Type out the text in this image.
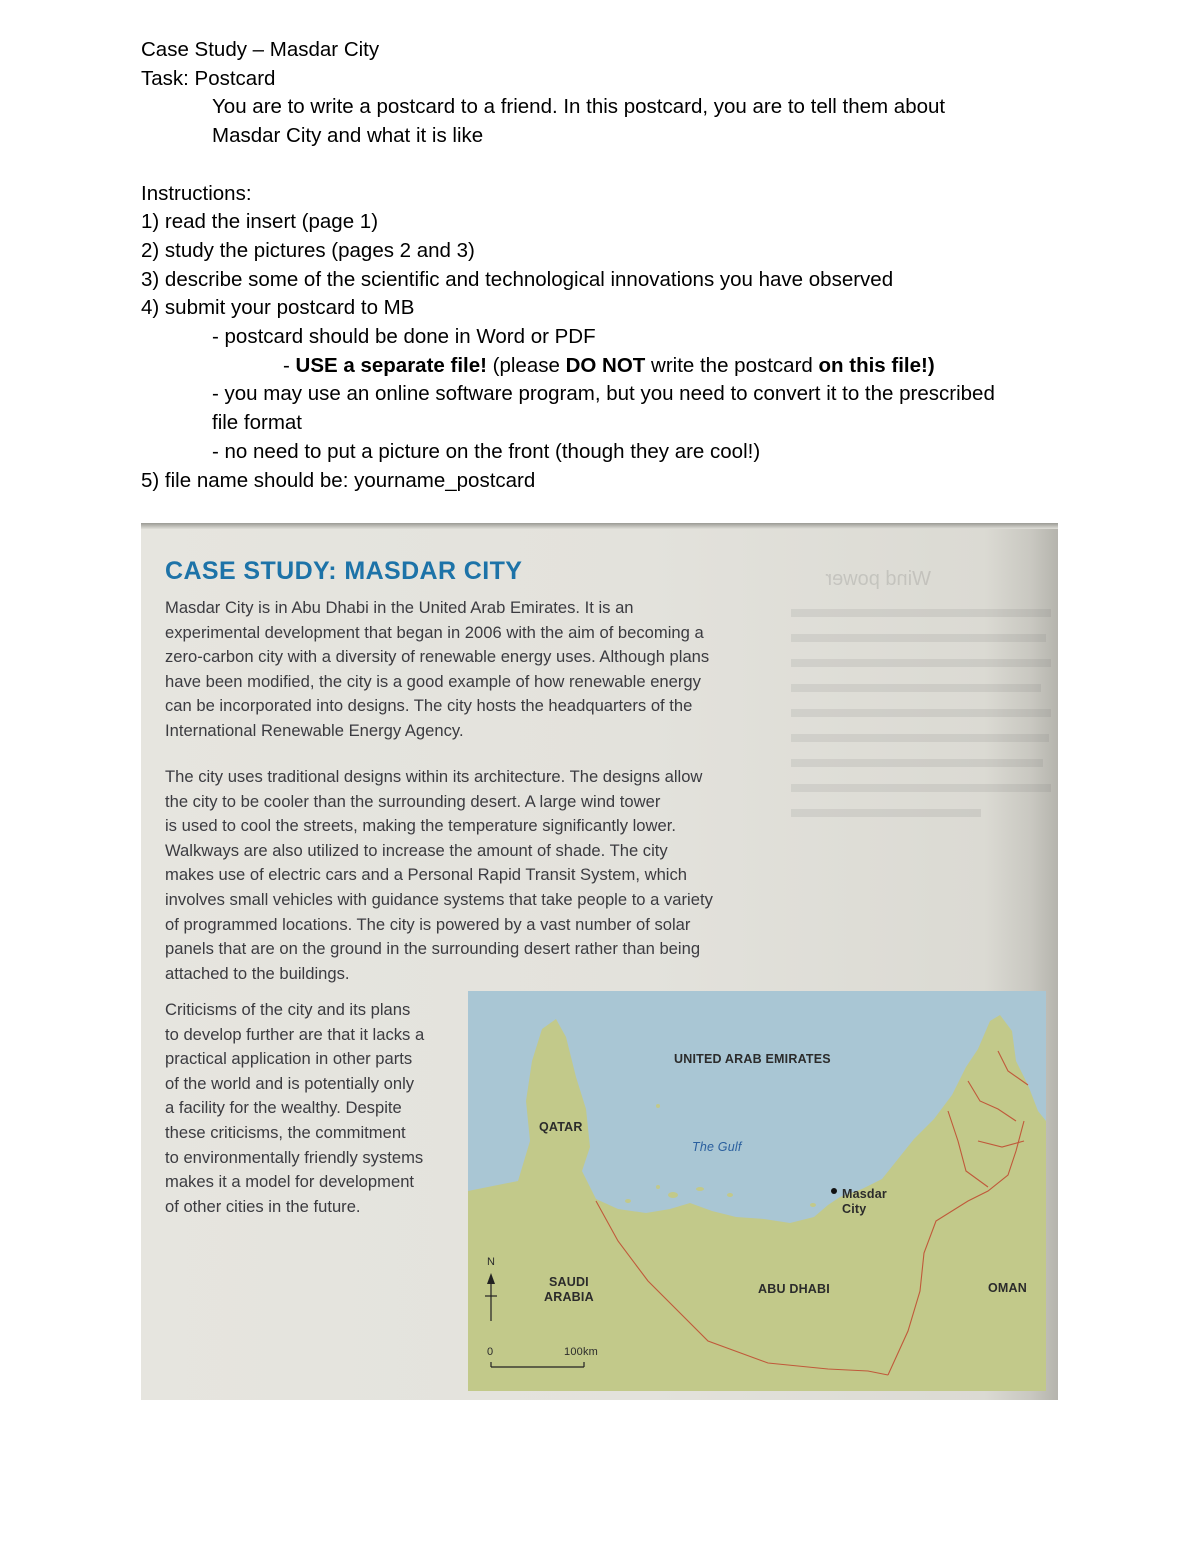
Case Study – Masdar City
Task: Postcard
You are to write a postcard to a friend. In this postcard, you are to tell them about
Masdar City and what it is like
Instructions:
1) read the insert (page 1)
2) study the pictures (pages 2 and 3)
3) describe some of the scientific and technological innovations you have observed
4) submit your postcard to MB
- postcard should be done in Word or PDF
- USE a separate file! (please DO NOT write the postcard on this file!)
- you may use an online software program, but you need to convert it to the prescribed
file format
- no need to put a picture on the front (though they are cool!)
5) file name should be: yourname_postcard
Wind power
CASE STUDY: MASDAR CITY
Masdar City is in Abu Dhabi in the United Arab Emirates. It is an
experimental development that began in 2006 with the aim of becoming a
zero-carbon city with a diversity of renewable energy uses. Although plans
have been modified, the city is a good example of how renewable energy
can be incorporated into designs. The city hosts the headquarters of the
International Renewable Energy Agency.
The city uses traditional designs within its architecture. The designs allow
the city to be cooler than the surrounding desert. A large wind tower
is used to cool the streets, making the temperature significantly lower.
Walkways are also utilized to increase the amount of shade. The city
makes use of electric cars and a Personal Rapid Transit System, which
involves small vehicles with guidance systems that take people to a variety
of programmed locations. The city is powered by a vast number of solar
panels that are on the ground in the surrounding desert rather than being
attached to the buildings.
Criticisms of the city and its plans
to develop further are that it lacks a
practical application in other parts
of the world and is potentially only
a facility for the wealthy. Despite
these criticisms, the commitment
to environmentally friendly systems
makes it a model for development
of other cities in the future.
UNITED ARAB EMIRATES
QATAR
The Gulf
Masdar
City
SAUDI
ARABIA
ABU DHABI	OMAN
N
0	100km
